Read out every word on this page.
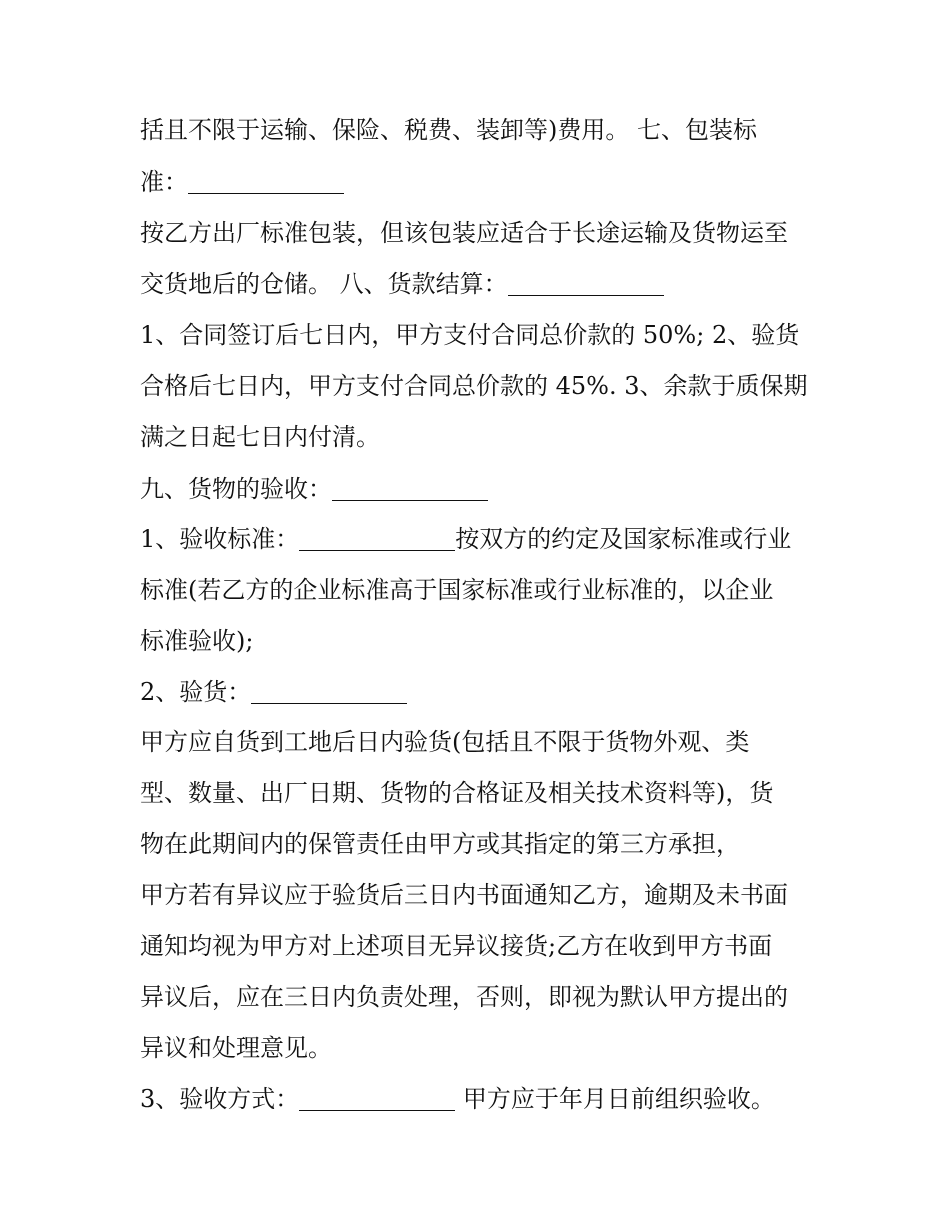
括且不限于运输、保险、税费、装卸等)费用。 七、包装标
准：
按乙方出厂标准包装，但该包装应适合于长途运输及货物运至
交货地后的仓储。 八、货款结算：
1、合同签订后七日内，甲方支付合同总价款的 50%; 2、验货
合格后七日内，甲方支付合同总价款的 45%. 3、余款于质保期
满之日起七日内付清。
九、货物的验收：
1、验收标准：	按双方的约定及国家标准或行业
标准(若乙方的企业标准高于国家标准或行业标准的，以企业
标准验收);
2、验货：
甲方应自货到工地后日内验货(包括且不限于货物外观、类
型、数量、出厂日期、货物的合格证及相关技术资料等)，货
物在此期间内的保管责任由甲方或其指定的第三方承担，
甲方若有异议应于验货后三日内书面通知乙方，逾期及未书面
通知均视为甲方对上述项目无异议接货;乙方在收到甲方书面
异议后，应在三日内负责处理，否则，即视为默认甲方提出的
异议和处理意见。
3、验收方式：	甲方应于年月日前组织验收。
